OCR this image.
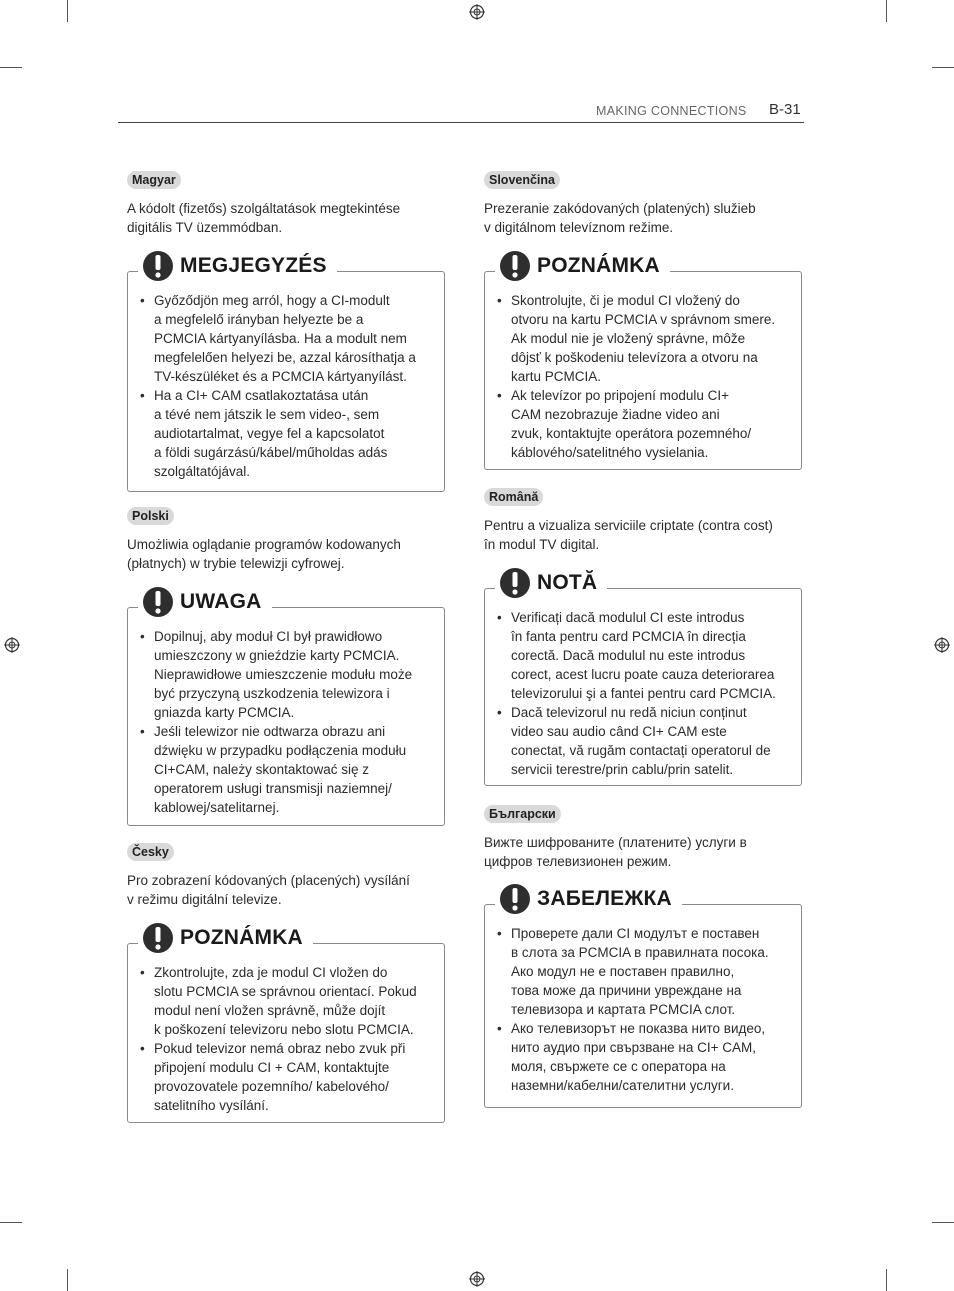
MAKING CONNECTIONS B-31
Magyar
A kódolt (fizetős) szolgáltatások megtekintése
digitális TV üzemmódban.
MEGJEGYZÉS
• Győződjön meg arról, hogy a CI-modult
a megfelelő irányban helyezte be a
PCMCIA kártyanyílásba. Ha a modult nem
megfelelően helyezi be, azzal károsíthatja a
TV-készüléket és a PCMCIA kártyanyílást.
• Ha a CI+ CAM csatlakoztatása után
a tévé nem játszik le sem video-, sem
audiotartalmat, vegye fel a kapcsolatot
a földi sugárzású/kábel/műholdas adás
szolgáltatójával.
Polski
Umożliwia oglądanie programów kodowanych
(płatnych) w trybie telewizji cyfrowej.
UWAGA
• Dopilnuj, aby moduł CI był prawidłowo
umieszczony w gnieździe karty PCMCIA.
Nieprawidłowe umieszczenie modułu może
być przyczyną uszkodzenia telewizora i
gniazda karty PCMCIA.
• Jeśli telewizor nie odtwarza obrazu ani
dźwięku w przypadku podłączenia modułu
CI+CAM, należy skontaktować się z
operatorem usługi transmisji naziemnej/
kablowej/satelitarnej.
Česky
Pro zobrazení kódovaných (placených) vysílání
v režimu digitální televize.
POZNÁMKA
• Zkontrolujte, zda je modul CI vložen do
slotu PCMCIA se správnou orientací. Pokud
modul není vložen správně, může dojít
k poškození televizoru nebo slotu PCMCIA.
• Pokud televizor nemá obraz nebo zvuk při
připojení modulu CI + CAM, kontaktujte
provozovatele pozemního/ kabelového/
satelitního vysílání.
Slovenčina
Prezeranie zakódovaných (platených) služieb
v digitálnom televíznom režime.
POZNÁMKA
• Skontrolujte, či je modul CI vložený do
otvoru na kartu PCMCIA v správnom smere.
Ak modul nie je vložený správne, môže
dôjsť k poškodeniu televízora a otvoru na
kartu PCMCIA.
• Ak televízor po pripojení modulu CI+
CAM nezobrazuje žiadne video ani
zvuk, kontaktujte operátora pozemného/
káblového/satelitného vysielania.
Română
Pentru a vizualiza serviciile criptate (contra cost)
în modul TV digital.
NOTĂ
• Verificați dacă modulul CI este introdus
în fanta pentru card PCMCIA în direcția
corectă. Dacă modulul nu este introdus
corect, acest lucru poate cauza deteriorarea
televizorului şi a fantei pentru card PCMCIA.
• Dacă televizorul nu redă niciun conținut
video sau audio când CI+ CAM este
conectat, vă rugăm contactați operatorul de
servicii terestre/prin cablu/prin satelit.
Български
Вижте шифрованите (платените) услуги в
цифров телевизионен режим.
ЗАБЕЛЕЖКА
• Проверете дали CI модулът е поставен
в слота за PCMCIA в правилната посока.
Ако модул не е поставен правилно,
това може да причини увреждане на
телевизора и картата PCMCIA слот.
• Ако телевизорът не показва нито видео,
нито аудио при свързване на CI+ CAM,
моля, свържете се с оператора на
наземни/кабелни/сателитни услуги.
